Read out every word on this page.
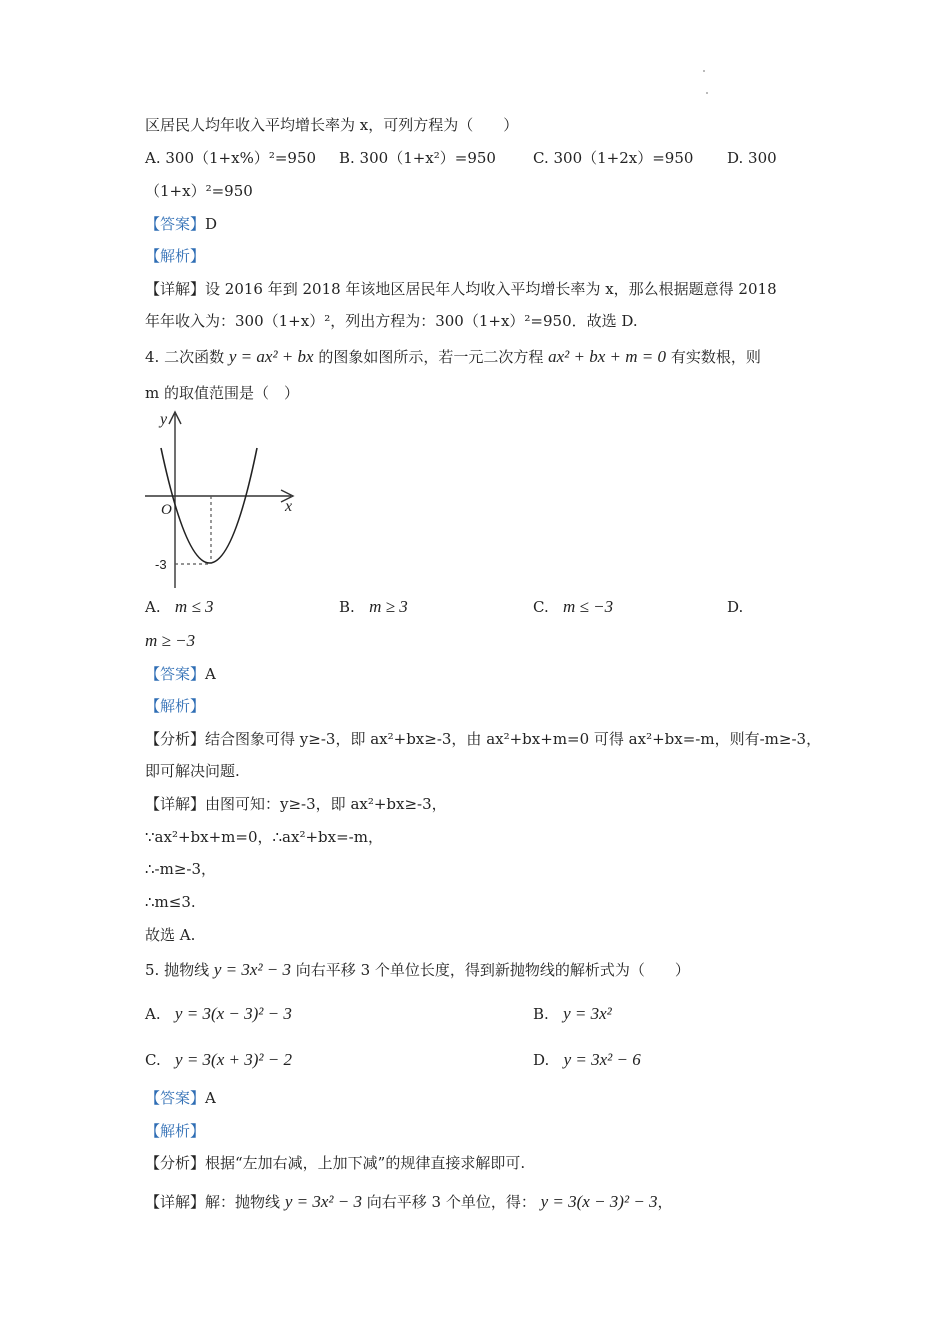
区居民人均年收入平均增长率为 x，可列方程为（　　）
A. 300（1+x%）²=950 B. 300（1+x²）=950 C. 300（1+2x）=950 D. 300
（1+x）²=950
【答案】D
【解析】
【详解】设 2016 年到 2018 年该地区居民年人均收入平均增长率为 x，那么根据题意得 2018
年年收入为：300（1+x）²，列出方程为：300（1+x）²=950．故选 D.
4. 二次函数 y = ax² + bx 的图象如图所示，若一元二次方程 ax² + bx + m = 0 有实数根，则
m 的取值范围是（　）
y
x
O
-3
A. m ≤ 3	B. m ≥ 3	C. m ≤ −3	D.
m ≥ −3
【答案】A
【解析】
【分析】结合图象可得 y≥-3，即 ax²+bx≥-3，由 ax²+bx+m=0 可得 ax²+bx=-m，则有-m≥-3，
即可解决问题.
【详解】由图可知：y≥-3，即 ax²+bx≥-3，
∵ax²+bx+m=0，∴ax²+bx=-m，
∴-m≥-3，
∴m≤3.
故选 A.
5. 抛物线 y = 3x² − 3 向右平移 3 个单位长度，得到新抛物线的解析式为（　　）
A. y = 3(x − 3)² − 3	B. y = 3x²
C. y = 3(x + 3)² − 2	D. y = 3x² − 6
【答案】A
【解析】
【分析】根据“左加右减，上加下减”的规律直接求解即可.
【详解】解：抛物线 y = 3x² − 3 向右平移 3 个单位，得： y = 3(x − 3)² − 3，
